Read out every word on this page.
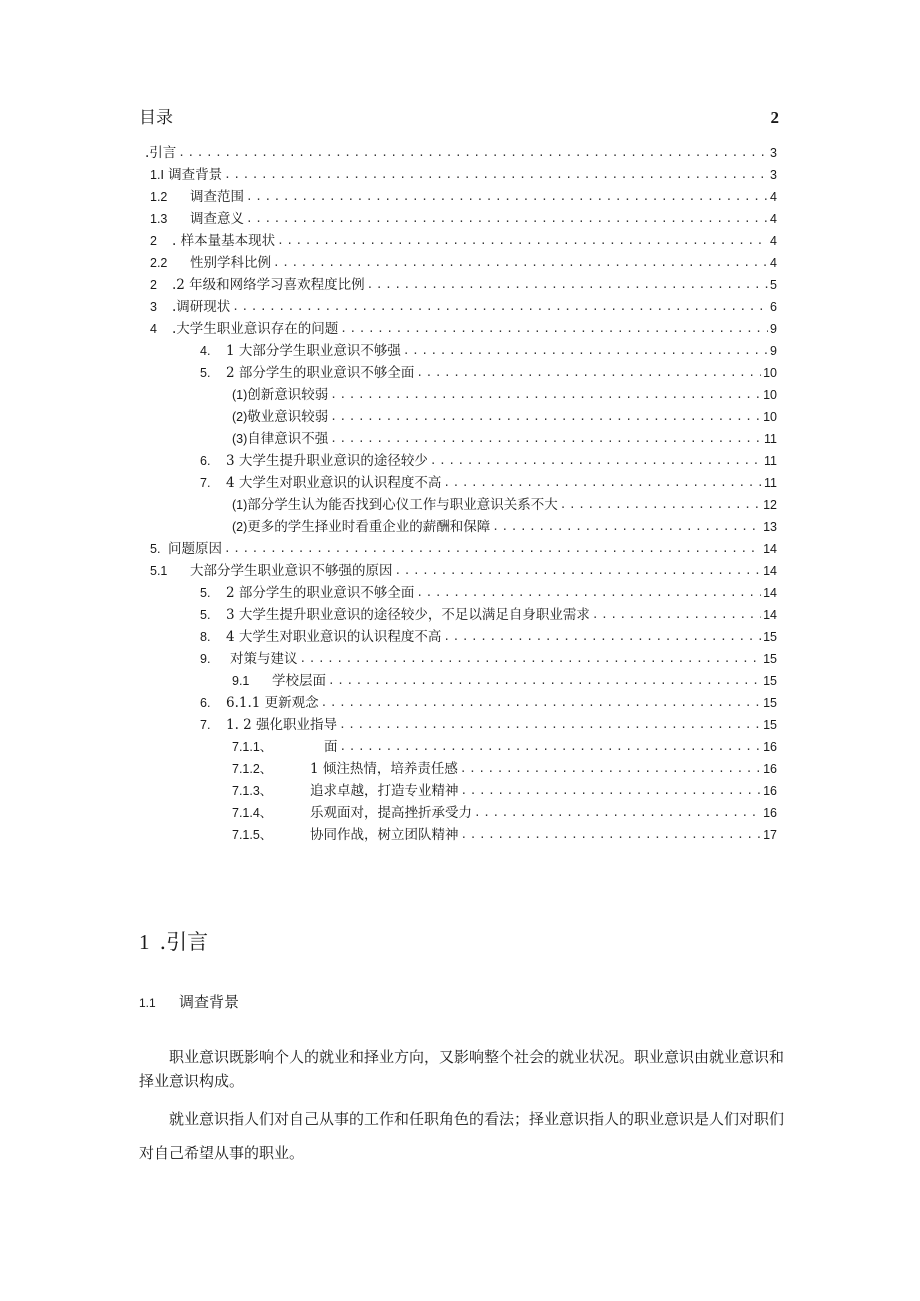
目录	2
.引言 .....	3
1.Ⅰ 调查背景 .....	3
1.2	调查范围 .....	4
1.3	调查意义 .....	4
2	. 样本量基本现状 .....	4
2.2	性别学科比例 .....	4
2	.2 年级和网络学习喜欢程度比例 .....	5
3	.调研现状 .....	6
4	.大学生职业意识存在的问题 .....	9
4.	1 大部分学生职业意识不够强 .....	9
5.	2 部分学生的职业意识不够全面 .....	10
(1) 创新意识较弱 .....	10
(2) 敬业意识较弱 .....	10
(3) 自律意识不强 .....	11
6.	3 大学生提升职业意识的途径较少 .....	11
7.	4 大学生对职业意识的认识程度不高 .....	11
(1) 部分学生认为能否找到心仪工作与职业意识关系不大 .....	12
(2) 更多的学生择业时看重企业的薪酬和保障 .....	13
5. 问题原因 .....	14
5.1	大部分学生职业意识不够强的原因 .....	14
5.	2 部分学生的职业意识不够全面 .....	14
5.	3 大学生提升职业意识的途径较少，不足以满足自身职业需求 .....	14
8.	4 大学生对职业意识的认识程度不高 .....	15
9.	对策与建议 .....	15
9.1	学校层面 .....	15
6.	6.1.1 更新观念 .....	15
7.	1. 2 强化职业指导 .....	15
7.1.1、	面 .....	16
7.1.2、	1 倾注热情，培养责任感 .....	16
7.1.3、	追求卓越，打造专业精神 .....	16
7.1.4、	乐观面对，提高挫折承受力 .....	16
7.1.5、	协同作战，树立团队精神 .....	17
1 .引言
1.1 调查背景

职业意识既影响个人的就业和择业方向，又影响整个社会的就业状况。职业意识由就业意识和择业意识构成。

就业意识指人们对自己从事的工作和任职角色的看法；择业意识指人的职业意识是人们对职们对自己希望从事的职业。
